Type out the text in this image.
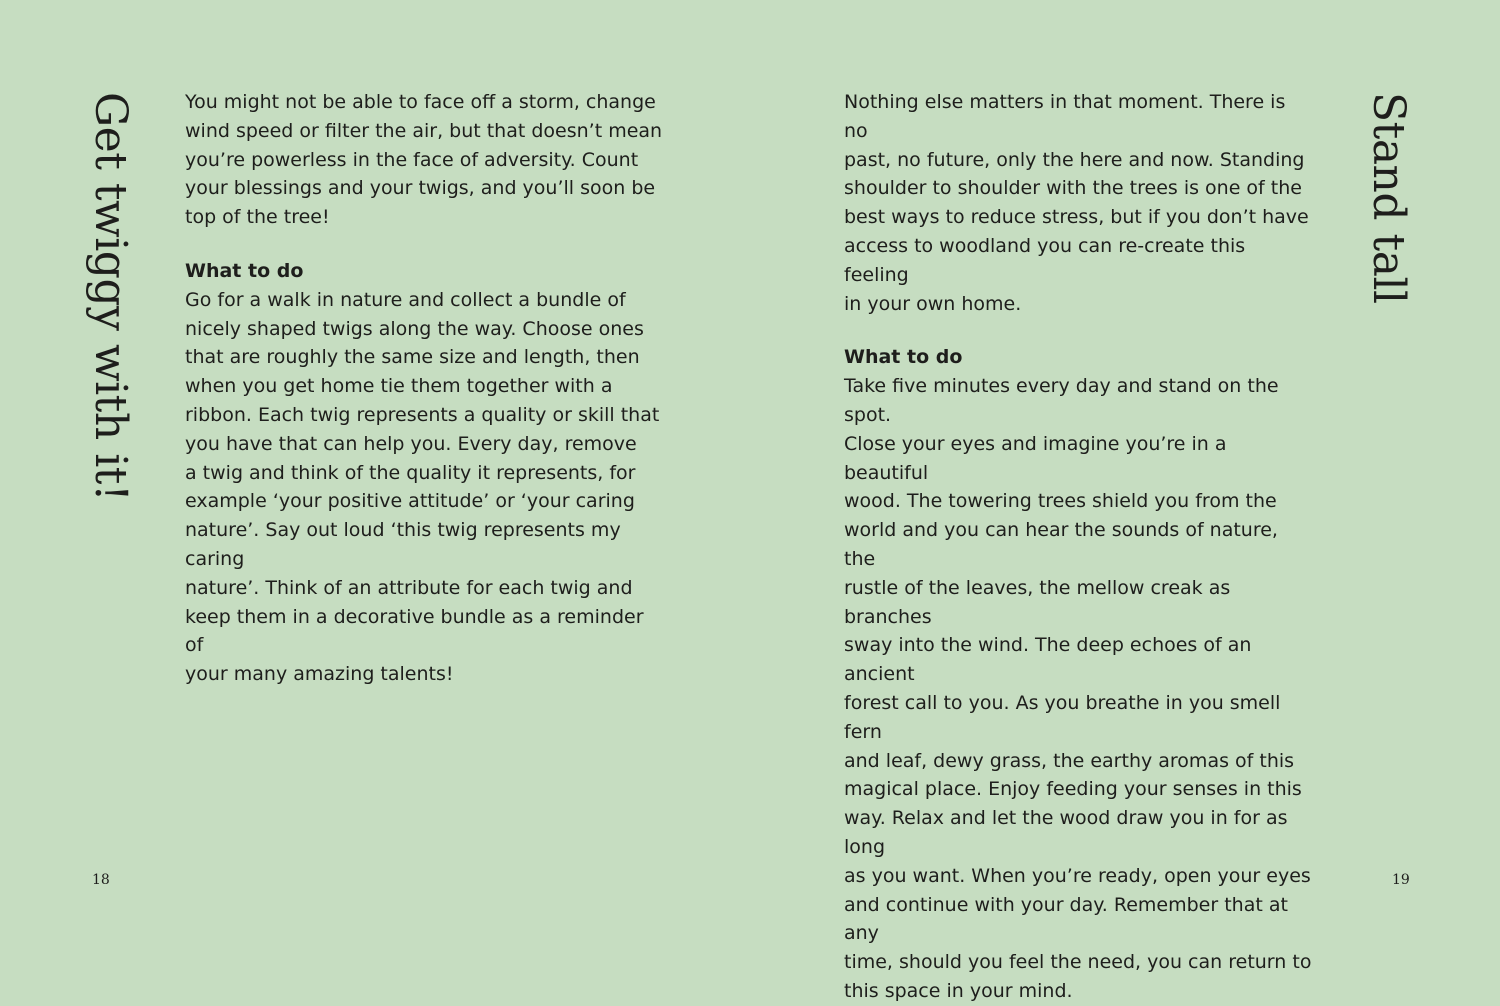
Get twiggy with it!	You might not be able to face off a storm, change
wind speed or filter the air, but that doesn’t mean
you’re powerless in the face of adversity. Count
your blessings and your twigs, and you’ll soon be
top of the tree!

What to do

Go for a walk in nature and collect a bundle of
nicely shaped twigs along the way. Choose ones
that are roughly the same size and length, then
when you get home tie them together with a
ribbon. Each twig represents a quality or skill that
you have that can help you. Every day, remove
a twig and think of the quality it represents, for
example ‘your positive attitude’ or ‘your caring
nature’. Say out loud ‘this twig represents my caring
nature’. Think of an attribute for each twig and
keep them in a decorative bundle as a reminder of
your many amazing talents!

18

Nothing else matters in that moment. There is no
past, no future, only the here and now. Standing
shoulder to shoulder with the trees is one of the
best ways to reduce stress, but if you don’t have
access to woodland you can re-create this feeling
in your own home.

What to do

Take five minutes every day and stand on the spot.
Close your eyes and imagine you’re in a beautiful
wood. The towering trees shield you from the
world and you can hear the sounds of nature, the
rustle of the leaves, the mellow creak as branches
sway into the wind. The deep echoes of an ancient
forest call to you. As you breathe in you smell fern
and leaf, dewy grass, the earthy aromas of this
magical place. Enjoy feeding your senses in this
way. Relax and let the wood draw you in for as long
as you want. When you’re ready, open your eyes
and continue with your day. Remember that at any
time, should you feel the need, you can return to
this space in your mind.

Stand tall
19
